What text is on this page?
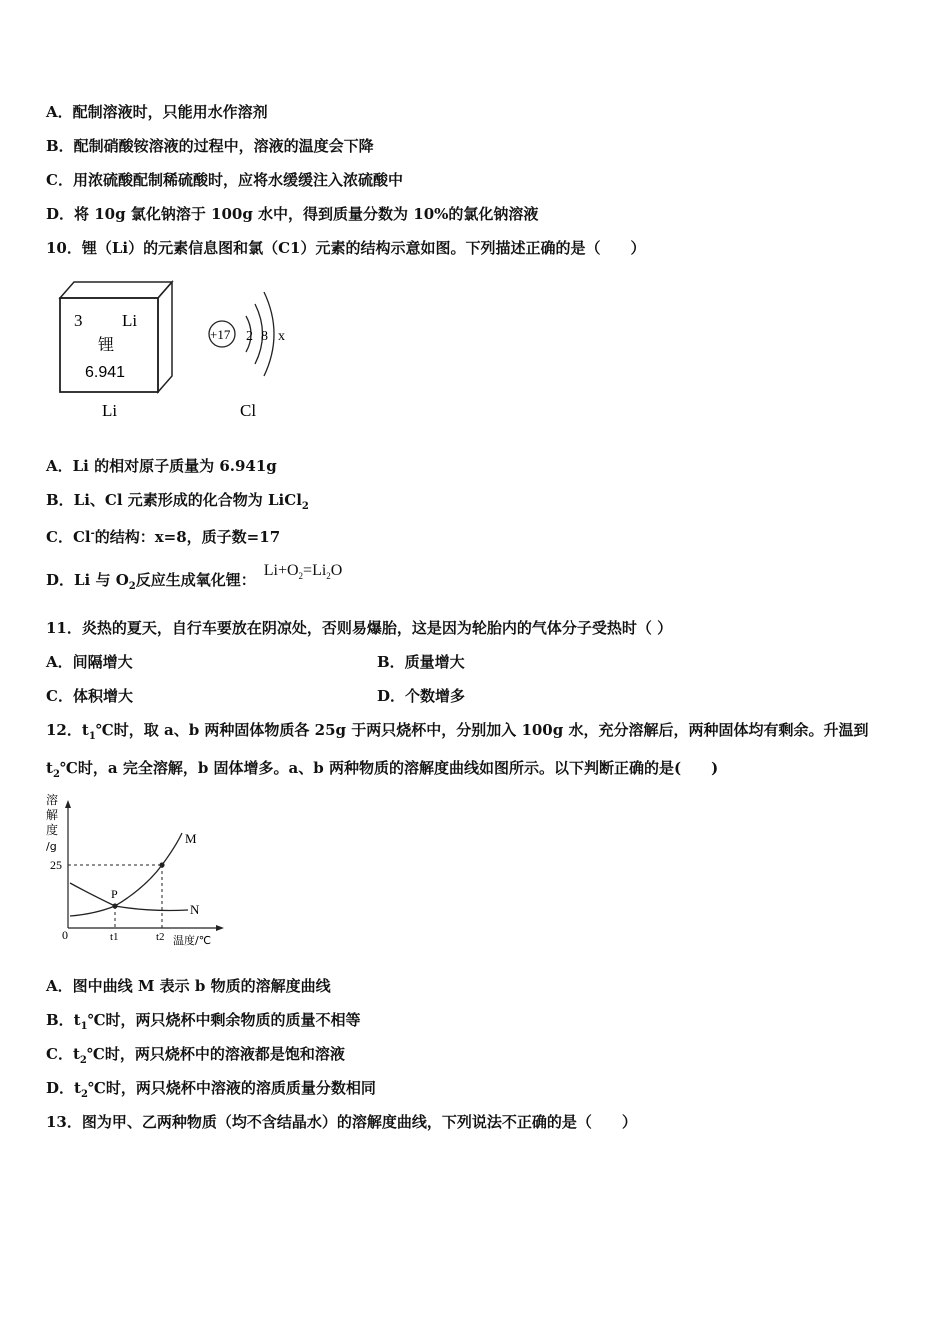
A．配制溶液时，只能用水作溶剂
B．配制硝酸铵溶液的过程中，溶液的温度会下降
C．用浓硫酸配制稀硫酸时，应将水缓缓注入浓硫酸中
D．将 10g 氯化钠溶于 100g 水中，得到质量分数为 10%的氯化钠溶液
10．锂（Li）的元素信息图和氯（C1）元素的结构示意如图。下列描述正确的是（　　）
3 Li
锂
6.941
Li
+17 2 8 x
Cl
A．Li 的相对原子质量为 6.941g
B．Li、Cl 元素形成的化合物为 LiCl$_2$
C．Cl-的结构：x=8，质子数=17
D．Li 与 $O_2$反应生成氧化锂：$Li+O_2=Li_2O$
11．炎热的夏天，自行车要放在阴凉处，否则易爆胎，这是因为轮胎内的气体分子受热时（ ）
A．间隔增大	B．质量增大
C．体积增大	D．个数增多
12．$t_1℃$时，取 a、b 两种固体物质各 25g 于两只烧杯中，分别加入 100g 水，充分溶解后，两种固体均有剩余。升温到
$t_2℃$时，a 完全溶解，b 固体增多。a、b 两种物质的溶解度曲线如图所示。以下判断正确的是(　　)
溶
解
度
/g
M
N
P
25
0	t1	t2 温度/℃
A．图中曲线 M 表示 b 物质的溶解度曲线
B．$t_1℃$时，两只烧杯中剩余物质的质量不相等
C．$t_2℃$时，两只烧杯中的溶液都是饱和溶液
D．$t_2℃$时，两只烧杯中溶液的溶质质量分数相同
13．图为甲、乙两种物质（均不含结晶水）的溶解度曲线，下列说法不正确的是（　　）
